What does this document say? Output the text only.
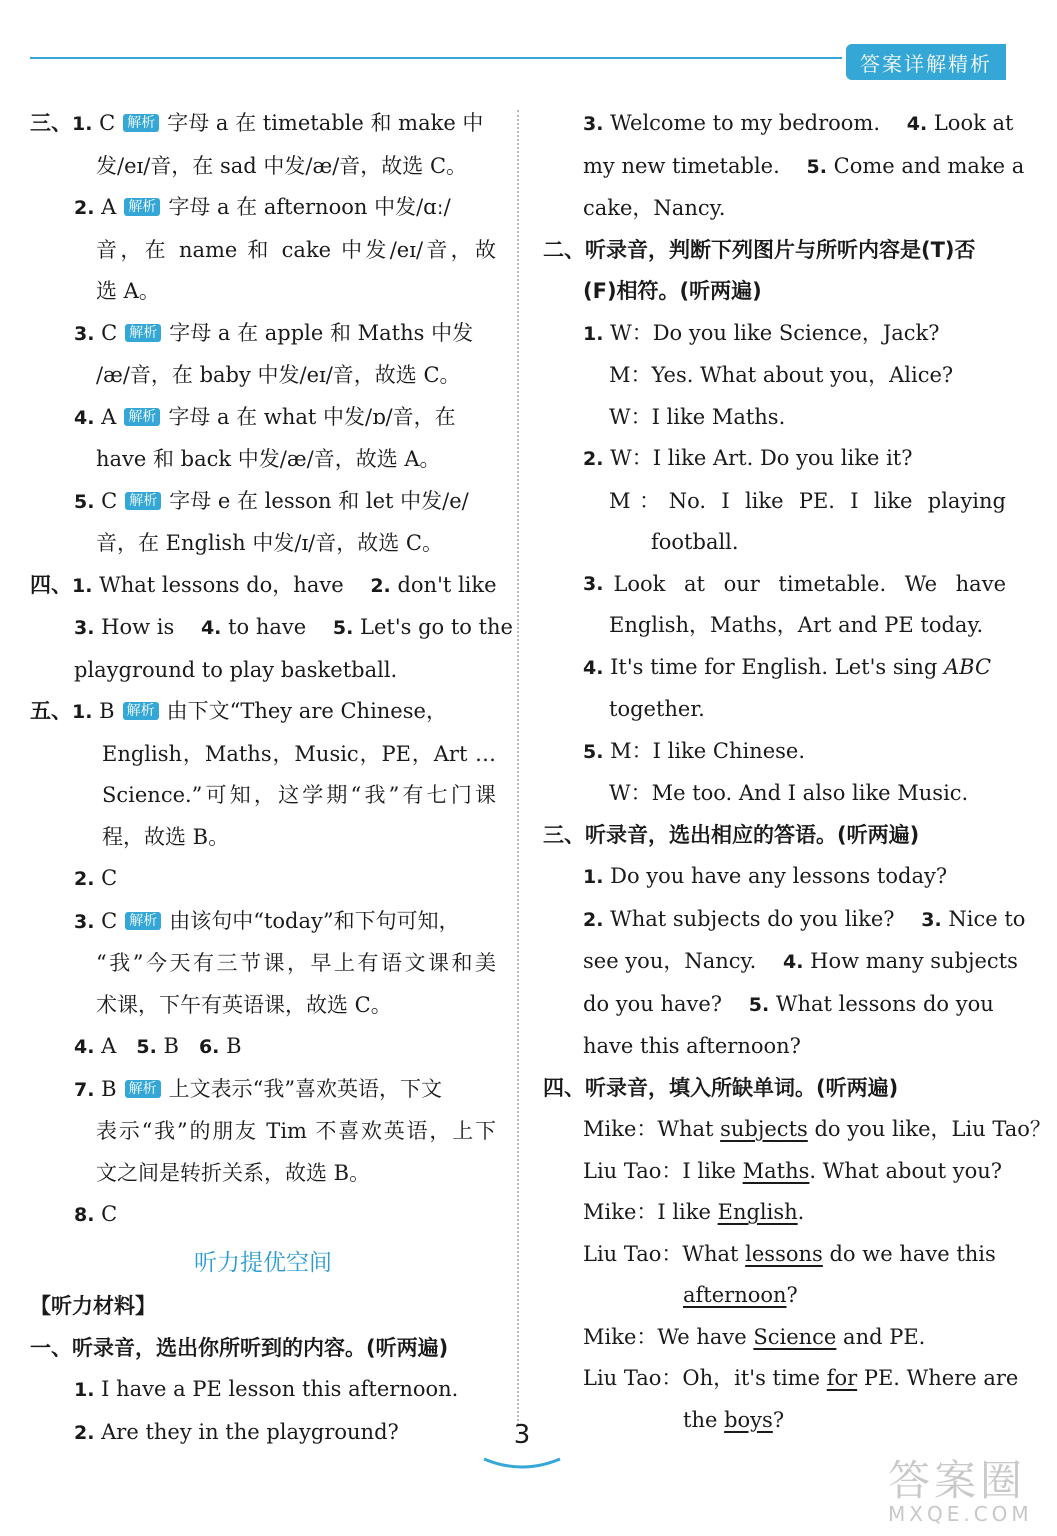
答案详解精析
三、1. C 解析 字母 a 在 timetable 和 make 中
发/eɪ/音，在 sad 中发/æ/音，故选 C。
2. A 解析 字母 a 在 afternoon 中发/ɑː/
音，在 name 和 cake 中发/eɪ/音，故
选 A。
3. C 解析 字母 a 在 apple 和 Maths 中发
/æ/音，在 baby 中发/eɪ/音，故选 C。
4. A 解析 字母 a 在 what 中发/ɒ/音，在
have 和 back 中发/æ/音，故选 A。
5. C 解析 字母 e 在 lesson 和 let 中发/e/
音，在 English 中发/ɪ/音，故选 C。
四、1. What lessons do，have 2. don't like
3. How is 4. to have 5. Let's go to the
playground to play basketball.
五、1. B 解析 由下文“They are Chinese，
English，Maths，Music，PE，Art …
Science.”可知，这学期“我”有七门课
程，故选 B。
2. C
3. C 解析 由该句中“today”和下句可知，
“我”今天有三节课，早上有语文课和美
术课，下午有英语课，故选 C。
4. A 5. B 6. B
7. B 解析 上文表示“我”喜欢英语，下文
表示“我”的朋友 Tim 不喜欢英语，上下
文之间是转折关系，故选 B。
8. C
听力提优空间
【听力材料】
一、听录音，选出你所听到的内容。(听两遍)
1. I have a PE lesson this afternoon.
2. Are they in the playground?
3. Welcome to my bedroom. 4. Look at
my new timetable. 5. Come and make a
cake，Nancy.
二、听录音，判断下列图片与所听内容是(T)否
(F)相符。(听两遍)
1. W：Do you like Science，Jack?
M：Yes. What about you，Alice?
W：I like Maths.
2. W：I like Art. Do you like it?
M：No. I like PE. I like playing
football.
3. Look at our timetable. We have
English，Maths，Art and PE today.
4. It's time for English. Let's sing ABC
together.
5. M：I like Chinese.
W：Me too. And I also like Music.
三、听录音，选出相应的答语。(听两遍)
1. Do you have any lessons today?
2. What subjects do you like? 3. Nice to
see you，Nancy. 4. How many subjects
do you have? 5. What lessons do you
have this afternoon?
四、听录音，填入所缺单词。(听两遍)
Mike：What subjects do you like，Liu Tao？
Liu Tao：I like Maths. What about you?
Mike：I like English.
Liu Tao：What lessons do we have this
afternoon?
Mike：We have Science and PE.
Liu Tao：Oh，it's time for PE. Where are
the boys?
3
答案圈
MXQE.COM
